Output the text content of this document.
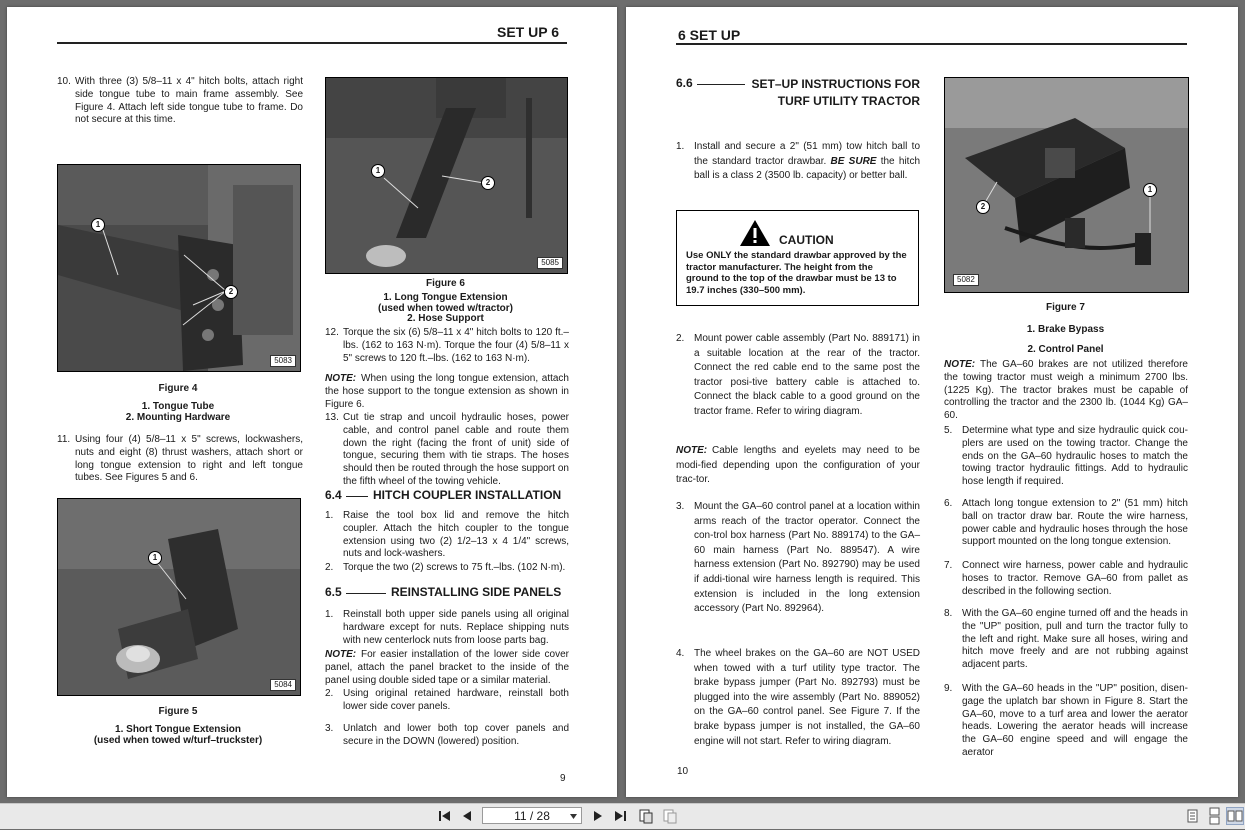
SET UP 6
10. With three (3) 5/8–11 x 4" hitch bolts, attach right side tongue tube to main frame assembly. See Figure 4. Attach left side tongue tube to frame. Do not secure at this time.
1
2
5083
Figure 4
1. Tongue Tube
2. Mounting Hardware
11. Using four (4) 5/8–11 x 5" screws, lockwashers, nuts and eight (8) thrust washers, attach short or long tongue extension to right and left tongue tubes. See Figures 5 and 6.
1
5084
Figure 5
1. Short Tongue Extension
(used when towed w/turf–truckster)
1
2
5085
Figure 6
1. Long Tongue Extension
(used when towed w/tractor)
2. Hose Support
12. Torque the six (6) 5/8–11 x 4" hitch bolts to 120 ft.–lbs. (162 to 163 N·m). Torque the four (4) 5/8–11 x 5" screws to 120 ft.–lbs. (162 to 163 N·m).
NOTE: When using the long tongue extension, attach the hose support to the tongue extension as shown in Figure 6.
13. Cut tie strap and uncoil hydraulic hoses, power cable, and control panel cable and route them down the right (facing the front of unit) side of tongue, securing them with tie straps. The hoses should then be routed through the hose support on the fifth wheel of the towing vehicle.
6.4	HITCH COUPLER INSTALLATION
1. Raise the tool box lid and remove the hitch coupler. Attach the hitch coupler to the tongue extension using two (2) 1/2–13 x 4 1/4" screws, nuts and lock-washers.
2. Torque the two (2) screws to 75 ft.–lbs. (102 N·m).
6.5	REINSTALLING SIDE PANELS
1. Reinstall both upper side panels using all original hardware except for nuts. Replace shipping nuts with new centerlock nuts from loose parts bag.
NOTE: For easier installation of the lower side cover panel, attach the panel bracket to the inside of the panel using double sided tape or a similar material.
2. Using original retained hardware, reinstall both lower side cover panels.
3. Unlatch and lower both top cover panels and secure in the DOWN (lowered) position.
9
6 SET UP
6.6	SET–UP INSTRUCTIONS FOR
TURF UTILITY TRACTOR
1. Install and secure a 2" (51 mm) tow hitch ball to the standard tractor drawbar. BE SURE the hitch ball is a class 2 (3500 lb. capacity) or better ball.
CAUTION
Use ONLY the standard drawbar approved by the tractor manufacturer. The height from the ground to the top of the drawbar must be 13 to 19.7 inches (330–500 mm).
2. Mount power cable assembly (Part No. 889171) in a suitable location at the rear of the tractor. Connect the red cable end to the same post the tractor posi-tive battery cable is attached to. Connect the black cable to a good ground on the tractor frame. Refer to wiring diagram.
NOTE: Cable lengths and eyelets may need to be modi-fied depending upon the configuration of your trac-tor.
3. Mount the GA–60 control panel at a location within arms reach of the tractor operator. Connect the con-trol box harness (Part No. 889174) to the GA–60 main harness (Part No. 889547). A wire harness extension (Part No. 892790) may be used if addi-tional wire harness length is required. This extension is included in the long extension accessory (Part No. 892964).
4. The wheel brakes on the GA–60 are NOT USED when towed with a turf utility type tractor. The brake bypass jumper (Part No. 892793) must be plugged into the wire assembly (Part No. 889052) on the GA–60 control panel. See Figure 7. If the brake bypass jumper is not installed, the GA–60 engine will not start. Refer to wiring diagram.
1
2
5082
Figure 7
1. Brake Bypass
2. Control Panel
NOTE: The GA–60 brakes are not utilized therefore the towing tractor must weigh a minimum 2700 lbs. (1225 Kg). The tractor brakes must be capable of controlling the tractor and the 2300 lb. (1044 Kg) GA–60.
5. Determine what type and size hydraulic quick cou-plers are used on the towing tractor. Change the ends on the GA–60 hydraulic hoses to match the towing tractor hydraulic fittings. Add to hydraulic hose length if required.
6. Attach long tongue extension to 2" (51 mm) hitch ball on tractor draw bar. Route the wire harness, power cable and hydraulic hoses through the hose support mounted on the long tongue extension.
7. Connect wire harness, power cable and hydraulic hoses to tractor. Remove GA–60 from pallet as described in the following section.
8. With the GA–60 engine turned off and the heads in the "UP" position, pull and turn the tractor fully to the left and right. Make sure all hoses, wiring and hitch move freely and are not rubbing against adjacent parts.
9. With the GA–60 heads in the "UP" position, disen-gage the uplatch bar shown in Figure 8. Start the GA–60, move to a turf area and lower the aerator heads. Lowering the aerator heads will increase the GA–60 engine speed and will engage the aerator
10
11 / 28
